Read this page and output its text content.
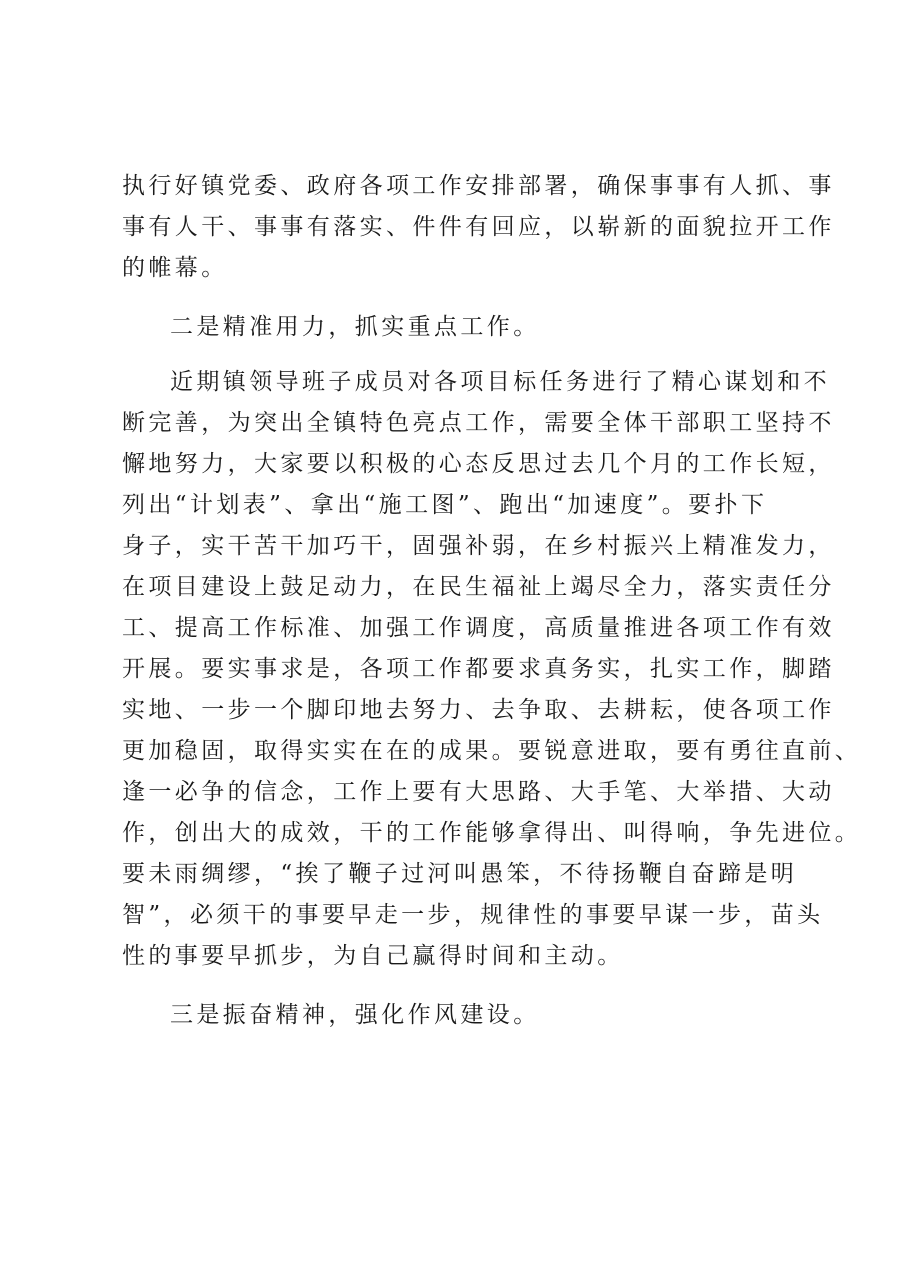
执行好镇党委、政府各项工作安排部署，确保事事有人抓、事
事有人干、事事有落实、件件有回应，以崭新的面貌拉开工作
的帷幕。
二是精准用力，抓实重点工作。
近期镇领导班子成员对各项目标任务进行了精心谋划和不
断完善，为突出全镇特色亮点工作，需要全体干部职工坚持不
懈地努力，大家要以积极的心态反思过去几个月的工作长短，
列出“计划表”、拿出“施工图”、跑出“加速度”。要扑下
身子，实干苦干加巧干，固强补弱，在乡村振兴上精准发力，
在项目建设上鼓足动力，在民生福祉上竭尽全力，落实责任分
工、提高工作标准、加强工作调度，高质量推进各项工作有效
开展。要实事求是，各项工作都要求真务实，扎实工作，脚踏
实地、一步一个脚印地去努力、去争取、去耕耘，使各项工作
更加稳固，取得实实在在的成果。要锐意进取，要有勇往直前、
逢一必争的信念，工作上要有大思路、大手笔、大举措、大动
作，创出大的成效，干的工作能够拿得出、叫得响，争先进位。
要未雨绸缪，“挨了鞭子过河叫愚笨，不待扬鞭自奋蹄是明
智”，必须干的事要早走一步，规律性的事要早谋一步，苗头
性的事要早抓步，为自己赢得时间和主动。
三是振奋精神，强化作风建设。
